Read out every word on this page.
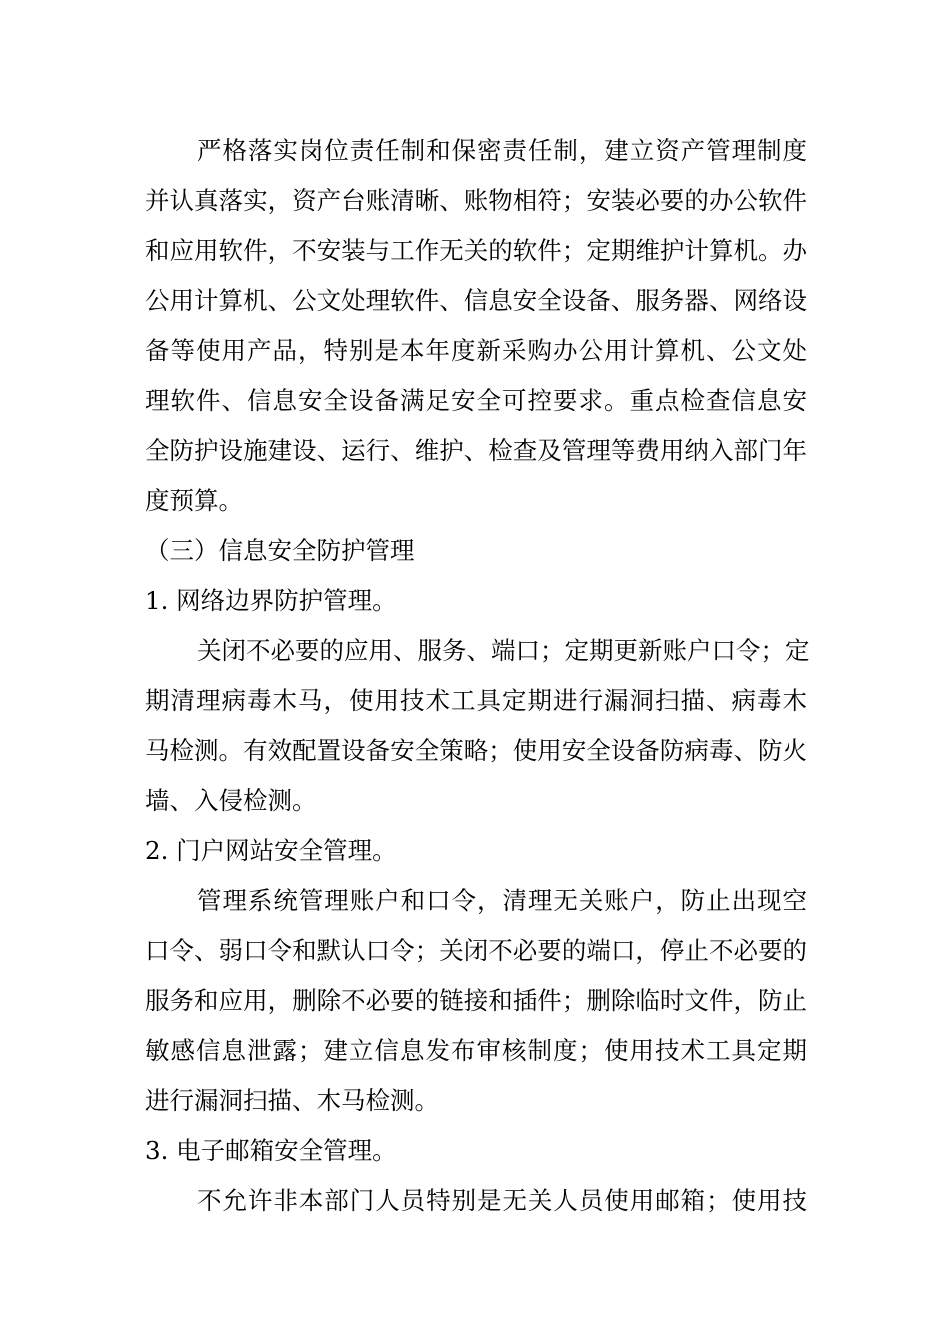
严格落实岗位责任制和保密责任制，建立资产管理制度
并认真落实，资产台账清晰、账物相符；安装必要的办公软件
和应用软件，不安装与工作无关的软件；定期维护计算机。办
公用计算机、公文处理软件、信息安全设备、服务器、网络设
备等使用产品，特别是本年度新采购办公用计算机、公文处
理软件、信息安全设备满足安全可控要求。重点检查信息安
全防护设施建设、运行、维护、检查及管理等费用纳入部门年
度预算。
（三）信息安全防护管理
1. 网络边界防护管理。
关闭不必要的应用、服务、端口；定期更新账户口令；定
期清理病毒木马，使用技术工具定期进行漏洞扫描、病毒木
马检测。有效配置设备安全策略；使用安全设备防病毒、防火
墙、入侵检测。
2. 门户网站安全管理。
管理系统管理账户和口令，清理无关账户，防止出现空
口令、弱口令和默认口令；关闭不必要的端口，停止不必要的
服务和应用，删除不必要的链接和插件；删除临时文件，防止
敏感信息泄露；建立信息发布审核制度；使用技术工具定期
进行漏洞扫描、木马检测。
3. 电子邮箱安全管理。
不允许非本部门人员特别是无关人员使用邮箱；使用技
